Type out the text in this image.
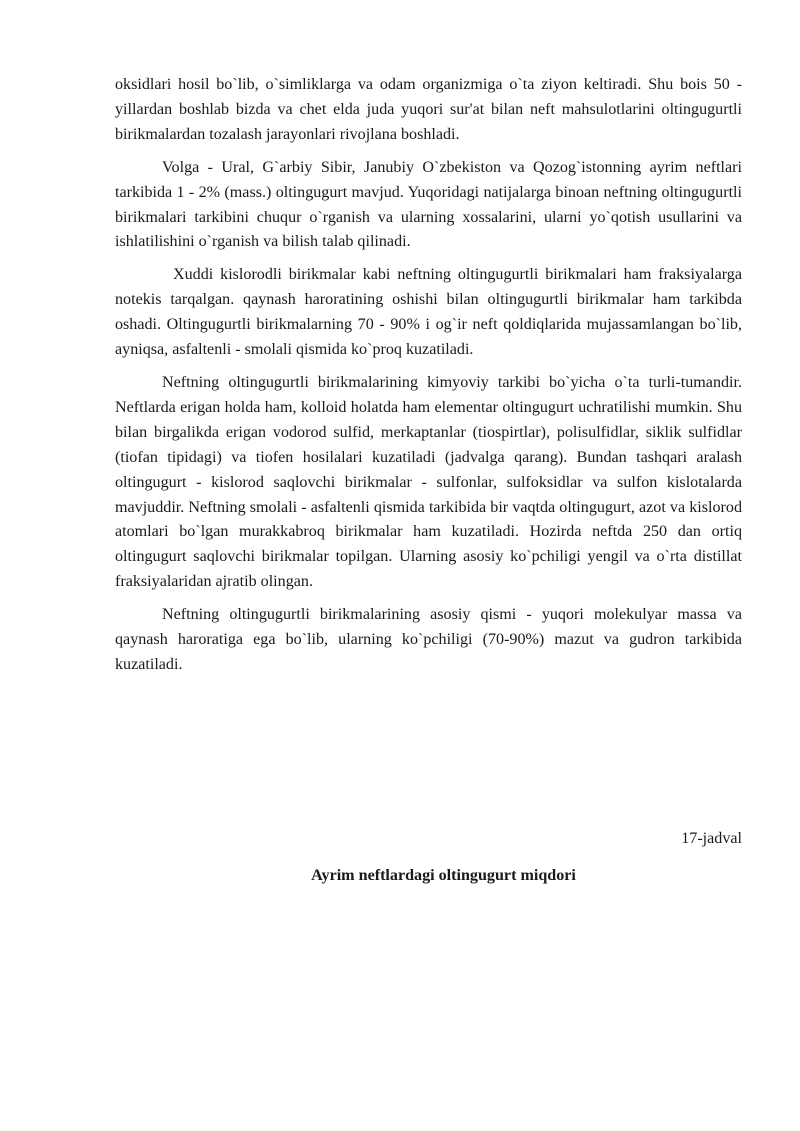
oksidlari hosil bo`lib, o`simliklarga va odam organizmiga o`ta ziyon keltiradi. Shu bois 50 - yillardan boshlab bizda va chet elda juda yuqori sur'at bilan neft mahsulotlarini oltingugurtli birikmalardan tozalash jarayonlari rivojlana boshladi.

Volga - Ural, G`arbiy Sibir, Janubiy O`zbekiston va Qozog`istonning ayrim neftlari tarkibida 1 - 2% (mass.) oltingugurt mavjud. Yuqoridagi natijalarga binoan neftning oltingugurtli birikmalari tarkibini chuqur o`rganish va ularning xossalarini, ularni yo`qotish usullarini va ishlatilishini o`rganish va bilish talab qilinadi.

Xuddi kislorodli birikmalar kabi neftning oltingugurtli birikmalari ham fraksiyalarga notekis tarqalgan. qaynash haroratining oshishi bilan oltingugurtli birikmalar ham tarkibda oshadi. Oltingugurtli birikmalarning 70 - 90% i og`ir neft qoldiqlarida mujassamlangan bo`lib, ayniqsa, asfaltenli - smolali qismida ko`proq kuzatiladi.

Neftning oltingugurtli birikmalarining kimyoviy tarkibi bo`yicha o`ta turli-tumandir. Neftlarda erigan holda ham, kolloid holatda ham elementar oltingugurt uchratilishi mumkin. Shu bilan birgalikda erigan vodorod sulfid, merkaptanlar (tiospirtlar), polisulfidlar, siklik sulfidlar (tiofan tipidagi) va tiofen hosilalari kuzatiladi (jadvalga qarang). Bundan tashqari aralash oltingugurt - kislorod saqlovchi birikmalar - sulfonlar, sulfoksidlar va sulfon kislotalarda mavjuddir. Neftning smolali - asfaltenli qismida tarkibida bir vaqtda oltingugurt, azot va kislorod atomlari bo`lgan murakkabroq birikmalar ham kuzatiladi. Hozirda neftda 250 dan ortiq oltingugurt saqlovchi birikmalar topilgan. Ularning asosiy ko`pchiligi yengil va o`rta distillat fraksiyalaridan ajratib olingan.

Neftning oltingugurtli birikmalarining asosiy qismi - yuqori molekulyar massa va qaynash haroratiga ega bo`lib, ularning ko`pchiligi (70-90%) mazut va gudron tarkibida kuzatiladi.

17-jadval
Ayrim neftlardagi oltingugurt miqdori
